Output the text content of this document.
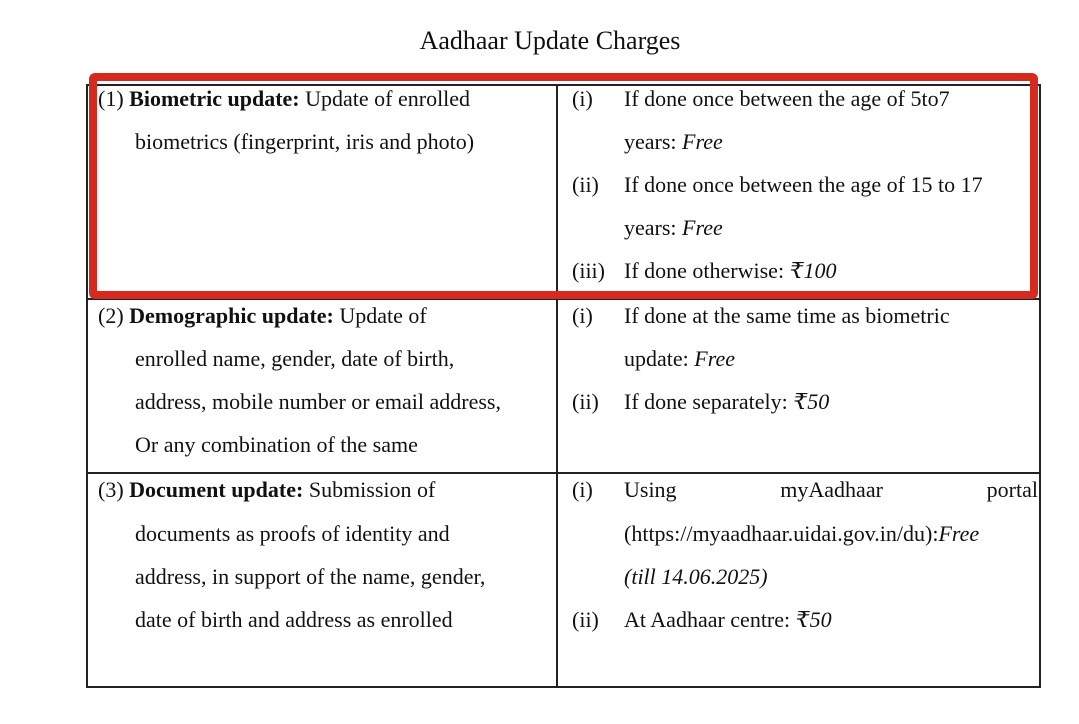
Aadhaar Update Charges
(1) Biometric update: Update of enrolled
biometrics (fingerprint, iris and photo)
(i) If done once between the age of 5to7
years: Free
(ii) If done once between the age of 15 to 17
years: Free
(iii) If done otherwise: ₹100
(2) Demographic update: Update of
enrolled name, gender, date of birth,
address, mobile number or email address,
Or any combination of the same
(i) If done at the same time as biometric
update: Free
(ii) If done separately: ₹50
(3) Document update: Submission of
documents as proofs of identity and
address, in support of the name, gender,
date of birth and address as enrolled
(i) Using	myAadhaar	portal
(https://myaadhaar.uidai.gov.in/du):Free
(till 14.06.2025)
(ii) At Aadhaar centre: ₹50
